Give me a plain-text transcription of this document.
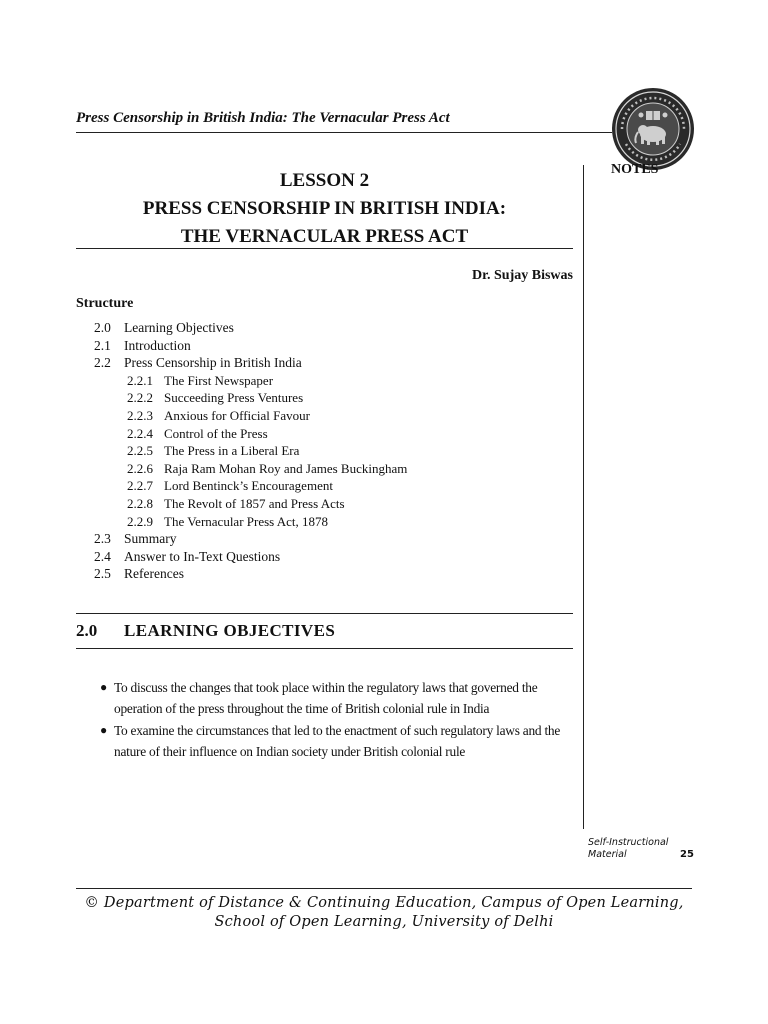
Press Censorship in British India: The Vernacular Press Act
NOTES
LESSON 2
PRESS CENSORSHIP IN BRITISH INDIA:
THE VERNACULAR PRESS ACT
Dr. Sujay Biswas
Structure
2.0 Learning Objectives
2.1 Introduction
2.2 Press Censorship in British India
2.2.1 The First Newspaper
2.2.2 Succeeding Press Ventures
2.2.3 Anxious for Official Favour
2.2.4 Control of the Press
2.2.5 The Press in a Liberal Era
2.2.6 Raja Ram Mohan Roy and James Buckingham
2.2.7 Lord Bentinck’s Encouragement
2.2.8 The Revolt of 1857 and Press Acts
2.2.9 The Vernacular Press Act, 1878
2.3 Summary
2.4 Answer to In-Text Questions
2.5 References
2.0 LEARNING OBJECTIVES
● To discuss the changes that took place within the regulatory laws that governed the operation of the press throughout the time of British colonial rule in India
● To examine the circumstances that led to the enactment of such regulatory laws and the nature of their influence on Indian society under British colonial rule
Self-Instructional
Material	25
© Department of Distance & Continuing Education, Campus of Open Learning,
School of Open Learning, University of Delhi
